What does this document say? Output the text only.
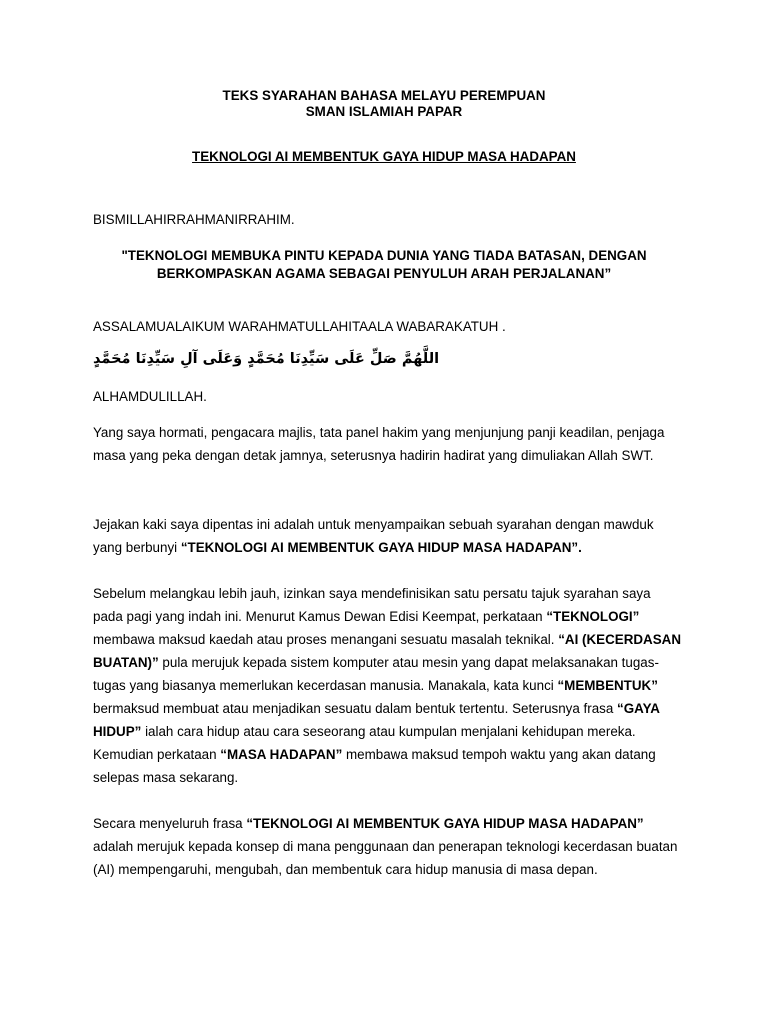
TEKS SYARAHAN BAHASA MELAYU PEREMPUAN
SMAN ISLAMIAH PAPAR
TEKNOLOGI AI MEMBENTUK GAYA HIDUP MASA HADAPAN
BISMILLAHIRRAHMANIRRAHIM.
"TEKNOLOGI MEMBUKA PINTU KEPADA DUNIA YANG TIADA BATASAN, DENGAN
BERKOMPASKAN AGAMA SEBAGAI PENYULUH ARAH PERJALANAN”
ASSALAMUALAIKUM WARAHMATULLAHITAALA WABARAKATUH .
اللَّهُمَّ صَلِّ عَلَى سَيِّدِنَا مُحَمَّدٍ وَعَلَى آلِ سَيِّدِنَا مُحَمَّدٍ
ALHAMDULILLAH.
Yang saya hormati, pengacara majlis, tata panel hakim yang menjunjung panji keadilan, penjaga masa yang peka dengan detak jamnya, seterusnya hadirin hadirat yang dimuliakan Allah SWT.
Jejakan kaki saya dipentas ini adalah untuk menyampaikan sebuah syarahan dengan mawduk yang berbunyi “TEKNOLOGI AI MEMBENTUK GAYA HIDUP MASA HADAPAN”.
Sebelum melangkau lebih jauh, izinkan saya mendefinisikan satu persatu tajuk syarahan saya pada pagi yang indah ini. Menurut Kamus Dewan Edisi Keempat, perkataan “TEKNOLOGI” membawa maksud kaedah atau proses menangani sesuatu masalah teknikal. “AI (KECERDASAN BUATAN)” pula merujuk kepada sistem komputer atau mesin yang dapat melaksanakan tugas-tugas yang biasanya memerlukan kecerdasan manusia. Manakala, kata kunci “MEMBENTUK” bermaksud membuat atau menjadikan sesuatu dalam bentuk tertentu. Seterusnya frasa “GAYA HIDUP” ialah cara hidup atau cara seseorang atau kumpulan menjalani kehidupan mereka. Kemudian perkataan “MASA HADAPAN” membawa maksud tempoh waktu yang akan datang selepas masa sekarang.
Secara menyeluruh frasa “TEKNOLOGI AI MEMBENTUK GAYA HIDUP MASA HADAPAN” adalah merujuk kepada konsep di mana penggunaan dan penerapan teknologi kecerdasan buatan (AI) mempengaruhi, mengubah, dan membentuk cara hidup manusia di masa depan.
